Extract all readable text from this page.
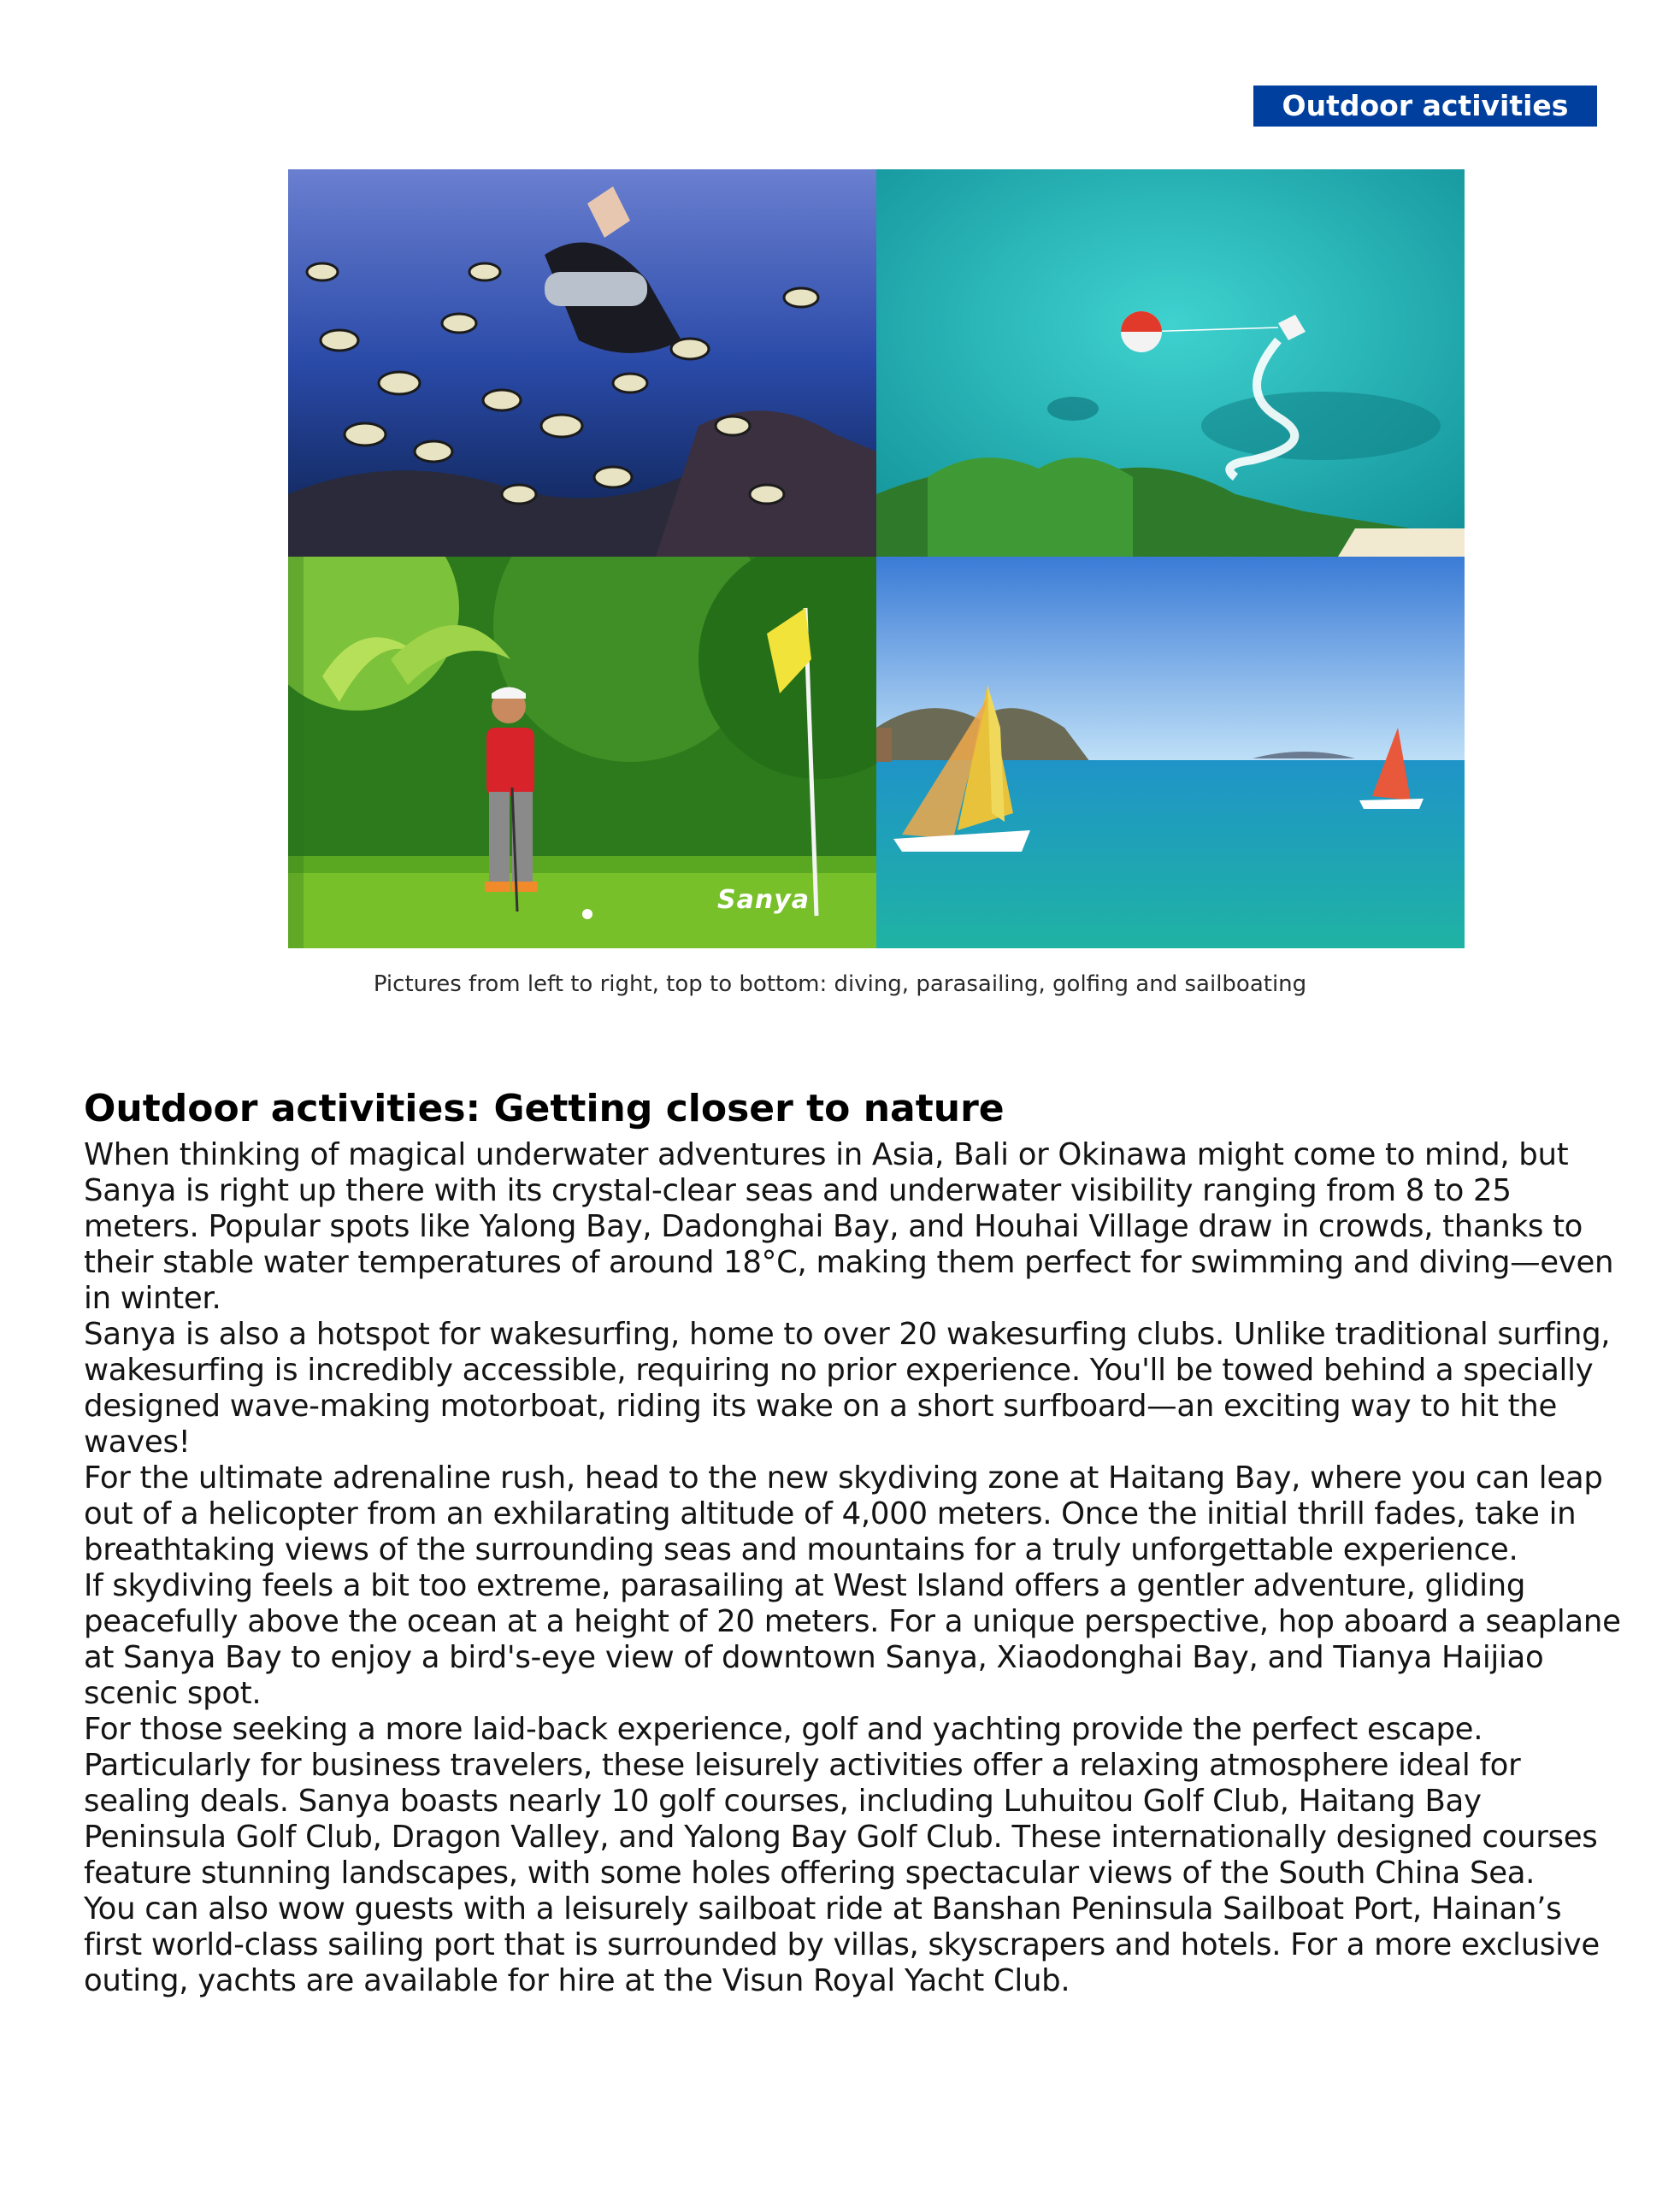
Outdoor activities
Sanya
Pictures from left to right, top to bottom: diving, parasailing, golfing and sailboating
Outdoor activities: Getting closer to nature

When thinking of magical underwater adventures in Asia, Bali or Okinawa might come to mind, but Sanya is right up there with its crystal-clear seas and underwater visibility ranging from 8 to 25 meters. Popular spots like Yalong Bay, Dadonghai Bay, and Houhai Village draw in crowds, thanks to their stable water temperatures of around 18°C, making them perfect for swimming and diving—even in winter.

Sanya is also a hotspot for wakesurfing, home to over 20 wakesurfing clubs. Unlike traditional surfing, wakesurfing is incredibly accessible, requiring no prior experience. You'll be towed behind a specially designed wave-making motorboat, riding its wake on a short surfboard—an exciting way to hit the waves!

For the ultimate adrenaline rush, head to the new skydiving zone at Haitang Bay, where you can leap out of a helicopter from an exhilarating altitude of 4,000 meters. Once the initial thrill fades, take in breathtaking views of the surrounding seas and mountains for a truly unforgettable experience.

If skydiving feels a bit too extreme, parasailing at West Island offers a gentler adventure, gliding peacefully above the ocean at a height of 20 meters. For a unique perspective, hop aboard a seaplane at Sanya Bay to enjoy a bird's-eye view of downtown Sanya, Xiaodonghai Bay, and Tianya Haijiao scenic spot.

For those seeking a more laid-back experience, golf and yachting provide the perfect escape. Particularly for business travelers, these leisurely activities offer a relaxing atmosphere ideal for sealing deals. Sanya boasts nearly 10 golf courses, including Luhuitou Golf Club, Haitang Bay Peninsula Golf Club, Dragon Valley, and Yalong Bay Golf Club. These internationally designed courses feature stunning landscapes, with some holes offering spectacular views of the South China Sea.

You can also wow guests with a leisurely sailboat ride at Banshan Peninsula Sailboat Port, Hainan’s first world-class sailing port that is surrounded by villas, skyscrapers and hotels. For a more exclusive outing, yachts are available for hire at the Visun Royal Yacht Club.
